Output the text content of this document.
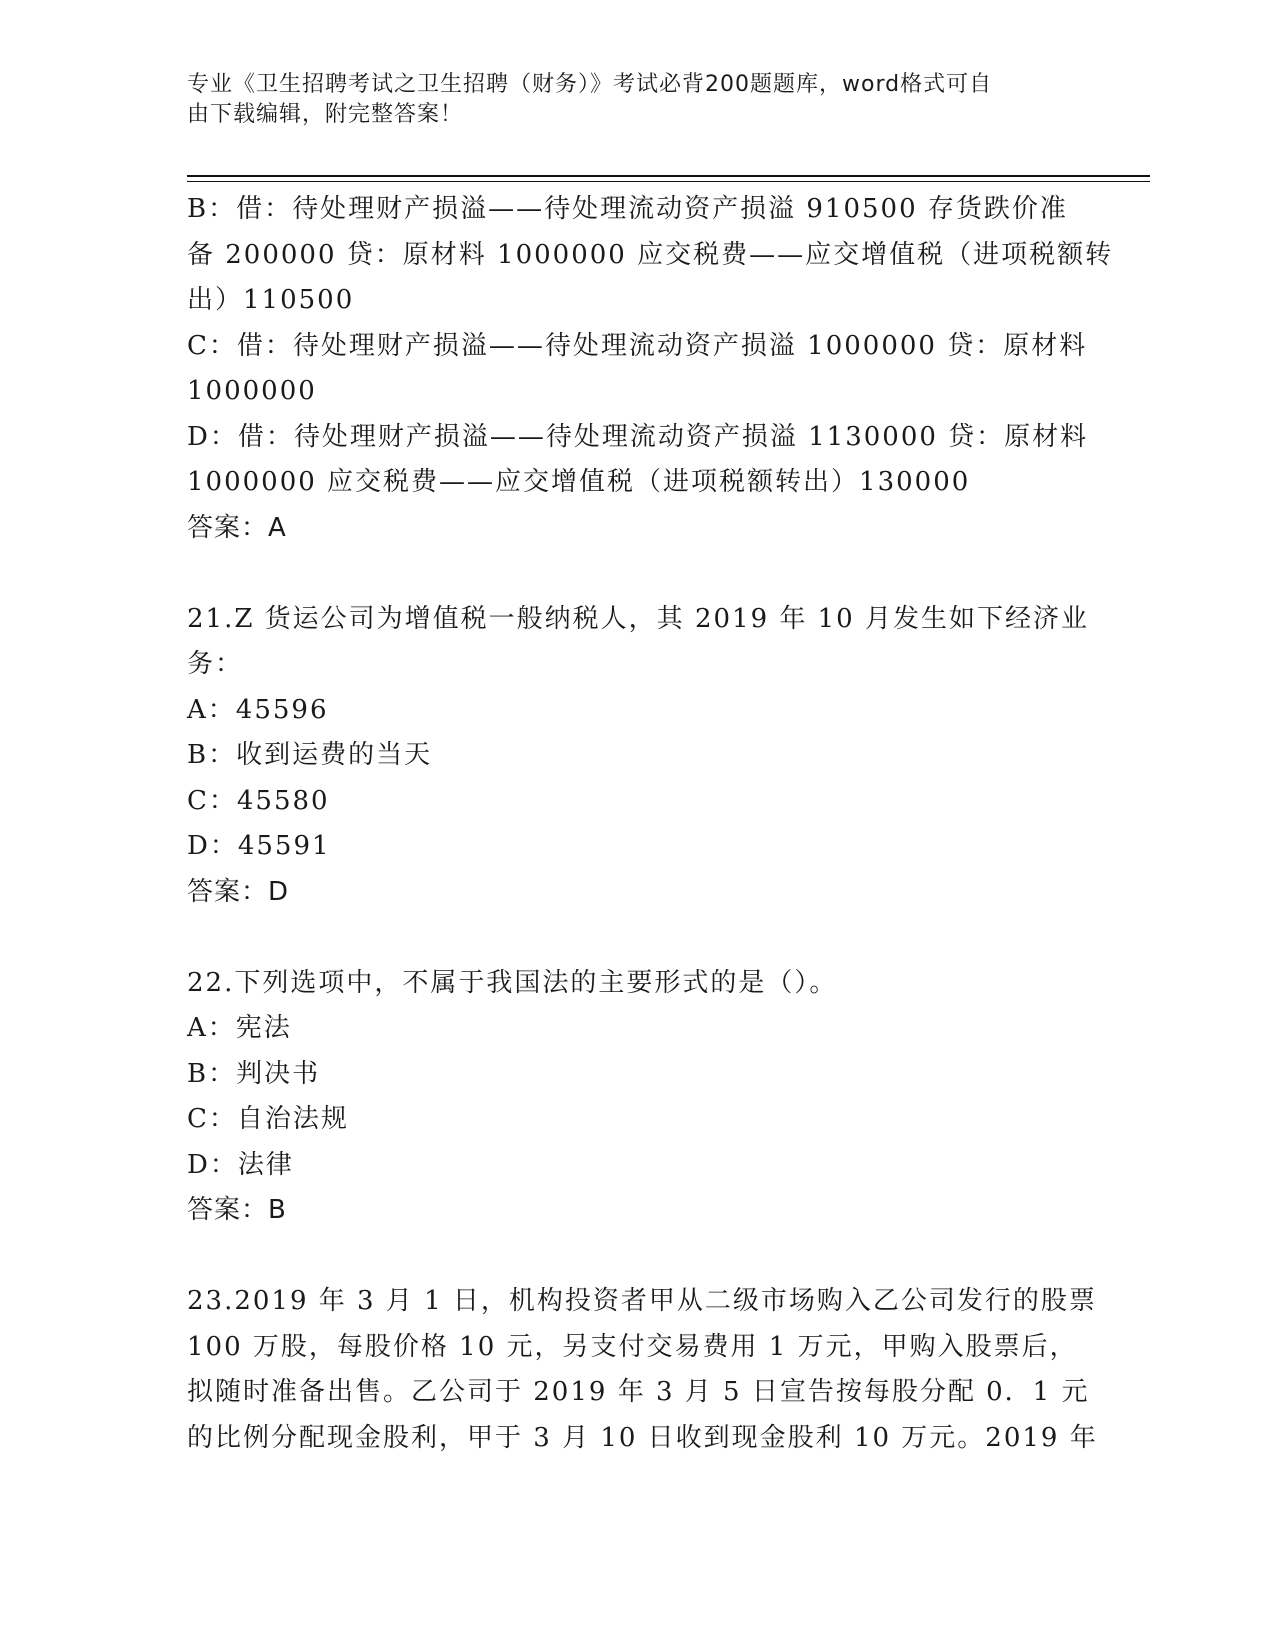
专业《卫生招聘考试之卫生招聘（财务）》考试必背200题题库，word格式可自
由下载编辑，附完整答案！
B：借：待处理财产损溢——待处理流动资产损溢 910500 存货跌价准
备 200000 贷：原材料 1000000 应交税费——应交增值税（进项税额转
出）110500
C：借：待处理财产损溢——待处理流动资产损溢 1000000 贷：原材料
1000000
D：借：待处理财产损溢——待处理流动资产损溢 1130000 贷：原材料
1000000 应交税费——应交增值税（进项税额转出）130000
答案：A
21.Z 货运公司为增值税一般纳税人，其 2019 年 10 月发生如下经济业
务：
A：45596
B：收到运费的当天
C：45580
D：45591
答案：D
22.下列选项中，不属于我国法的主要形式的是（）。
A：宪法
B：判决书
C：自治法规
D：法律
答案：B
23.2019 年 3 月 1 日，机构投资者甲从二级市场购入乙公司发行的股票
100 万股，每股价格 10 元，另支付交易费用 1 万元，甲购入股票后，
拟随时准备出售。乙公司于 2019 年 3 月 5 日宣告按每股分配 0．1 元
的比例分配现金股利，甲于 3 月 10 日收到现金股利 10 万元。2019 年
